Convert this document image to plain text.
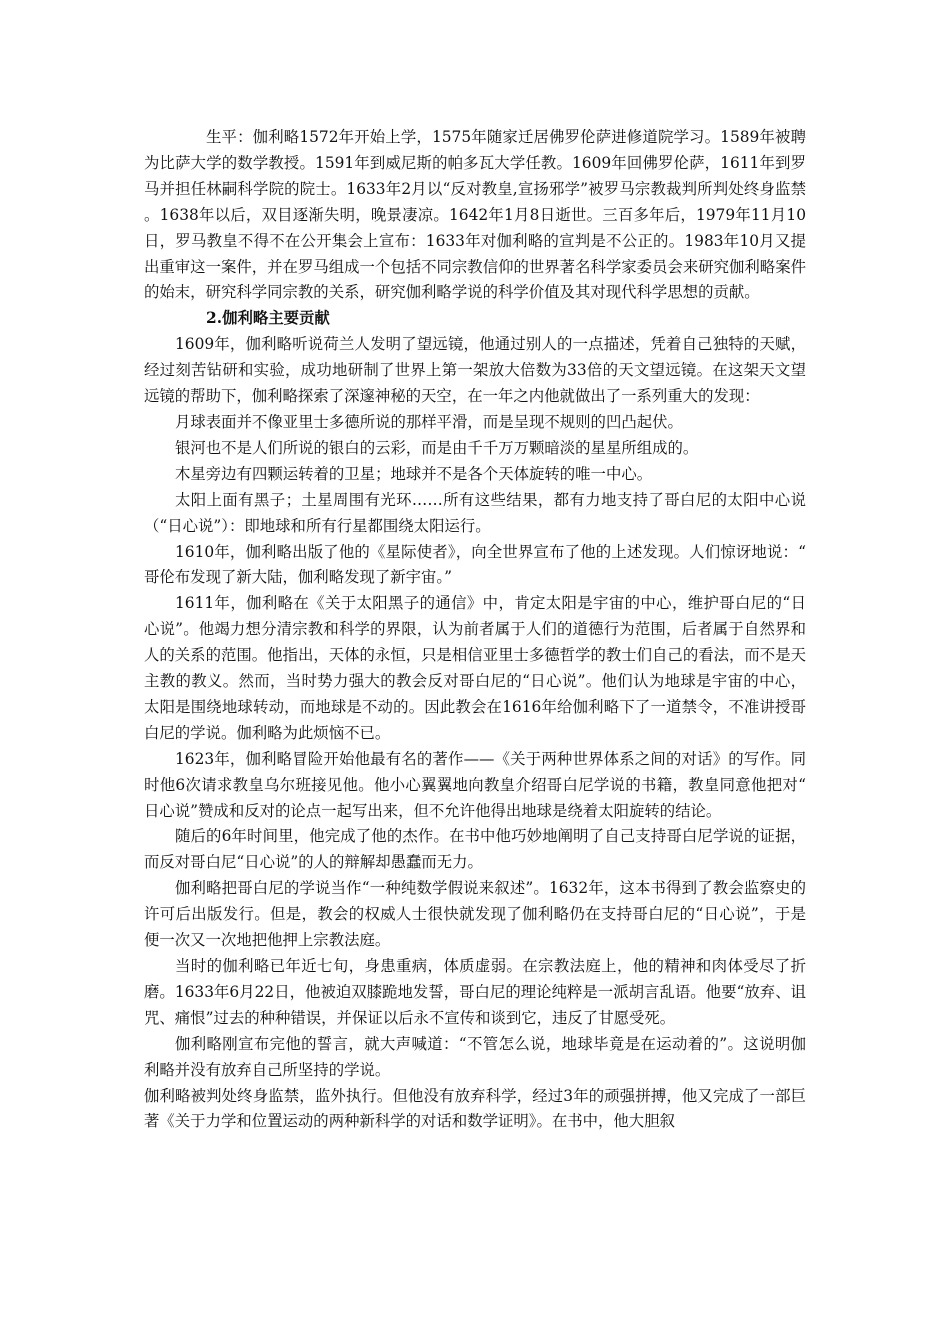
生平：伽利略1572年开始上学，1575年随家迁居佛罗伦萨进修道院学习。1589年被聘为比萨大学的数学教授。1591年到威尼斯的帕多瓦大学任教。1609年回佛罗伦萨，1611年到罗马并担任林嗣科学院的院士。1633年2月以“反对教皇,宣扬邪学”被罗马宗教裁判所判处终身监禁。1638年以后，双目逐渐失明，晚景凄凉。1642年1月8日逝世。三百多年后，1979年11月10日，罗马教皇不得不在公开集会上宣布：1633年对伽利略的宣判是不公正的。1983年10月又提出重审这一案件，并在罗马组成一个包括不同宗教信仰的世界著名科学家委员会来研究伽利略案件的始末，研究科学同宗教的关系，研究伽利略学说的科学价值及其对现代科学思想的贡献。

2.伽利略主要贡献

1609年，伽利略听说荷兰人发明了望远镜，他通过别人的一点描述，凭着自己独特的天赋，经过刻苦钻研和实验，成功地研制了世界上第一架放大倍数为33倍的天文望远镜。在这架天文望远镜的帮助下，伽利略探索了深邃神秘的天空，在一年之内他就做出了一系列重大的发现：

月球表面并不像亚里士多德所说的那样平滑，而是呈现不规则的凹凸起伏。

银河也不是人们所说的银白的云彩，而是由千千万万颗暗淡的星星所组成的。

木星旁边有四颗运转着的卫星；地球并不是各个天体旋转的唯一中心。

太阳上面有黑子；土星周围有光环……所有这些结果，都有力地支持了哥白尼的太阳中心说（“日心说”）：即地球和所有行星都围绕太阳运行。

1610年，伽利略出版了他的《星际使者》，向全世界宣布了他的上述发现。人们惊讶地说：“哥伦布发现了新大陆，伽利略发现了新宇宙。”

1611年，伽利略在《关于太阳黑子的通信》中，肯定太阳是宇宙的中心，维护哥白尼的“日心说”。他竭力想分清宗教和科学的界限，认为前者属于人们的道德行为范围，后者属于自然界和人的关系的范围。他指出，天体的永恒，只是相信亚里士多德哲学的教士们自己的看法，而不是天主教的教义。然而，当时势力强大的教会反对哥白尼的“日心说”。他们认为地球是宇宙的中心，太阳是围绕地球转动，而地球是不动的。因此教会在1616年给伽利略下了一道禁令，不准讲授哥白尼的学说。伽利略为此烦恼不已。

1623年，伽利略冒险开始他最有名的著作——《关于两种世界体系之间的对话》的写作。同时他6次请求教皇乌尔班接见他。他小心翼翼地向教皇介绍哥白尼学说的书籍，教皇同意他把对“日心说”赞成和反对的论点一起写出来，但不允许他得出地球是绕着太阳旋转的结论。

随后的6年时间里，他完成了他的杰作。在书中他巧妙地阐明了自己支持哥白尼学说的证据，而反对哥白尼“日心说”的人的辩解却愚蠢而无力。

伽利略把哥白尼的学说当作“一种纯数学假说来叙述”。1632年，这本书得到了教会监察史的许可后出版发行。但是，教会的权威人士很快就发现了伽利略仍在支持哥白尼的“日心说”，于是便一次又一次地把他押上宗教法庭。

当时的伽利略已年近七旬，身患重病，体质虚弱。在宗教法庭上，他的精神和肉体受尽了折磨。1633年6月22日，他被迫双膝跪地发誓，哥白尼的理论纯粹是一派胡言乱语。他要“放弃、诅咒、痛恨”过去的种种错误，并保证以后永不宣传和谈到它，违反了甘愿受死。

伽利略刚宣布完他的誓言，就大声喊道：“不管怎么说，地球毕竟是在运动着的”。这说明伽利略并没有放弃自己所坚持的学说。

伽利略被判处终身监禁，监外执行。但他没有放弃科学，经过3年的顽强拼搏，他又完成了一部巨著《关于力学和位置运动的两种新科学的对话和数学证明》。在书中，他大胆叙
